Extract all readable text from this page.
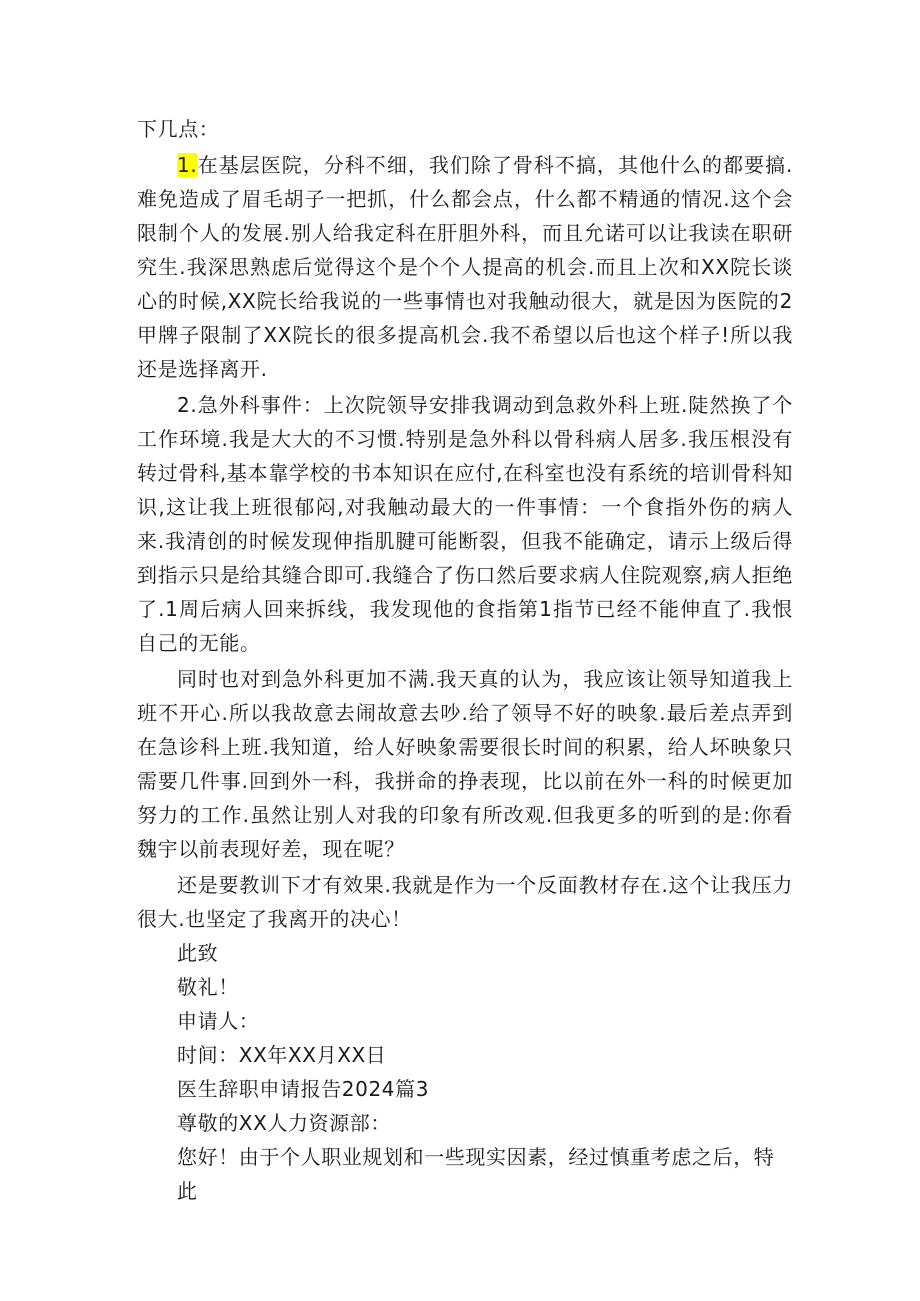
下几点：

1.在基层医院，分科不细，我们除了骨科不搞，其他什么的都要搞.难免造成了眉毛胡子一把抓，什么都会点，什么都不精通的情况.这个会限制个人的发展.别人给我定科在肝胆外科，而且允诺可以让我读在职研究生.我深思熟虑后觉得这个是个个人提高的机会.而且上次和XX院长谈心的时候,XX院长给我说的一些事情也对我触动很大，就是因为医院的2甲牌子限制了XX院长的很多提高机会.我不希望以后也这个样子!所以我还是选择离开.

2.急外科事件：上次院领导安排我调动到急救外科上班.陡然换了个工作环境.我是大大的不习惯.特别是急外科以骨科病人居多.我压根没有转过骨科,基本靠学校的书本知识在应付,在科室也没有系统的培训骨科知识,这让我上班很郁闷,对我触动最大的一件事情：一个食指外伤的病人来.我清创的时候发现伸指肌腱可能断裂，但我不能确定，请示上级后得到指示只是给其缝合即可.我缝合了伤口然后要求病人住院观察,病人拒绝了.1周后病人回来拆线，我发现他的食指第1指节已经不能伸直了.我恨自己的无能。

同时也对到急外科更加不满.我天真的认为，我应该让领导知道我上班不开心.所以我故意去闹故意去吵.给了领导不好的映象.最后差点弄到在急诊科上班.我知道，给人好映象需要很长时间的积累，给人坏映象只需要几件事.回到外一科，我拼命的挣表现，比以前在外一科的时候更加努力的工作.虽然让别人对我的印象有所改观.但我更多的听到的是:你看魏宇以前表现好差，现在呢？

还是要教训下才有效果.我就是作为一个反面教材存在.这个让我压力很大.也坚定了我离开的决心！

此致

敬礼！

申请人：

时间：XX年XX月XX日

医生辞职申请报告2024篇3

尊敬的XX人力资源部：

您好！由于个人职业规划和一些现实因素，经过慎重考虑之后，特此
